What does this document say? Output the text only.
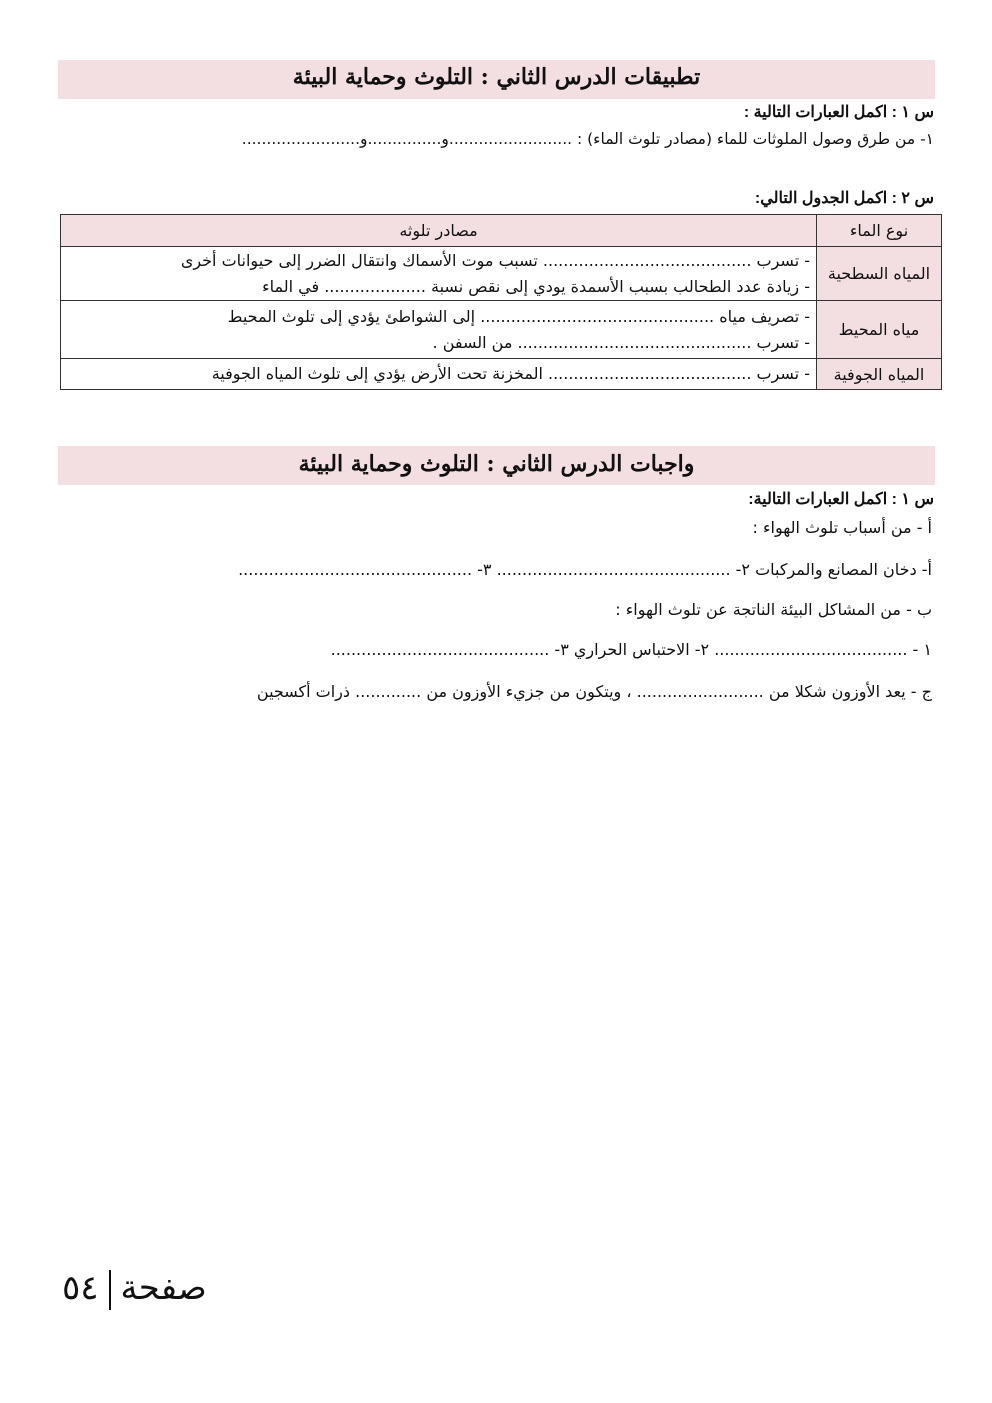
تطبيقات الدرس الثاني : التلوث وحماية البيئة
س ١ : اكمل العبارات التالية :
١- من طرق وصول الملوثات للماء (مصادر تلوث الماء) : .........................و...............و........................
س ٢ : اكمل الجدول التالي:
نوع الماء	مصادر تلوثه
المياه السطحية	- تسرب ......................................... تسبب موت الأسماك وانتقال الضرر إلى حيوانات أخرى
- زيادة عدد الطحالب بسبب الأسمدة يودي إلى نقص نسبة .................... في الماء

مياه المحيط	- تصريف مياه .............................................. إلى الشواطئ يؤدي إلى تلوث المحيط
- تسرب .............................................. من السفن .

المياه الجوفية	- تسرب ........................................ المخزنة تحت الأرض يؤدي إلى تلوث المياه الجوفية
واجبات الدرس الثاني : التلوث وحماية البيئة
س ١ : اكمل العبارات التالية:
أ - من أسباب تلوث الهواء :
أ- دخان المصانع والمركبات ٢- .............................................. ٣- ..............................................
ب - من المشاكل البيئة الناتجة عن تلوث الهواء :
١ - ...................................... ٢- الاحتباس الحراري ٣- ...........................................
ج - يعد الأوزون شكلا من ......................... ، ويتكون من جزيء الأوزون من ............. ذرات أكسجين
صفحة٥٤
